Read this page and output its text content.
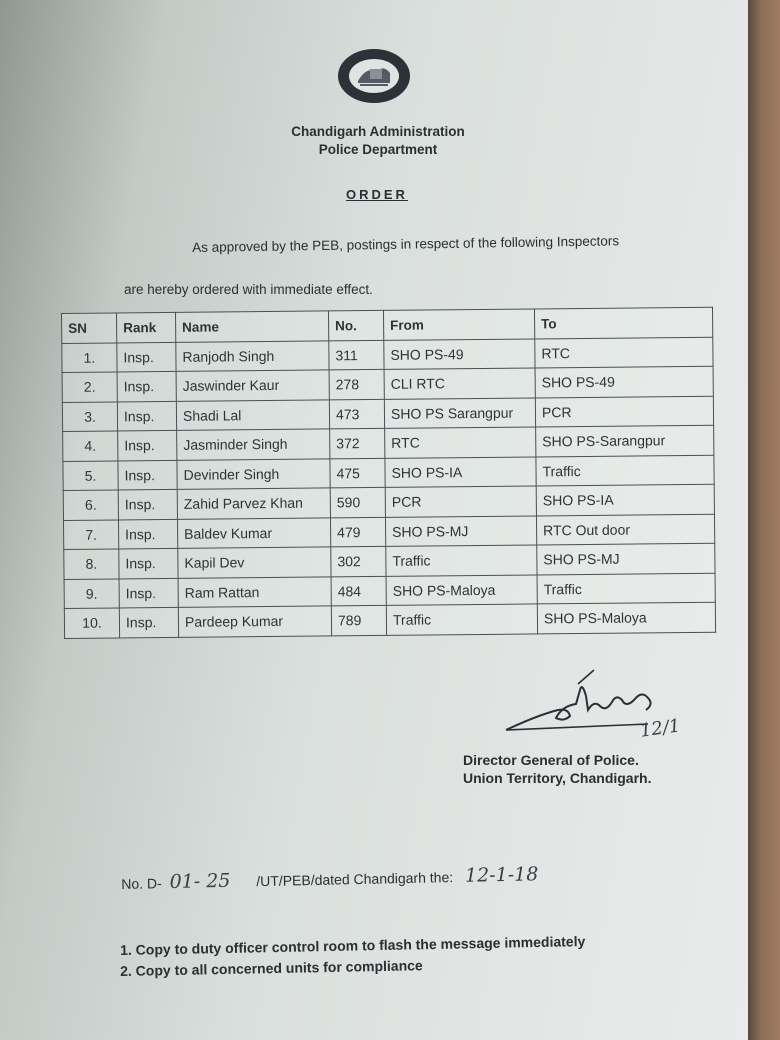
Chandigarh Administration
Police Department
ORDER
As approved by the PEB, postings in respect of the following Inspectors
are hereby ordered with immediate effect.
SN	Rank	Name	No.	From	To
1.	Insp.	Ranjodh Singh	311	SHO PS-49	RTC
2.	Insp.	Jaswinder Kaur	278	CLI RTC	SHO PS-49
3.	Insp.	Shadi Lal	473	SHO PS Sarangpur	PCR
4.	Insp.	Jasminder Singh	372	RTC	SHO PS-Sarangpur
5.	Insp.	Devinder Singh	475	SHO PS-IA	Traffic
6.	Insp.	Zahid Parvez Khan	590	PCR	SHO PS-IA
7.	Insp.	Baldev Kumar	479	SHO PS-MJ	RTC Out door
8.	Insp.	Kapil Dev	302	Traffic	SHO PS-MJ
9.	Insp.	Ram Rattan	484	SHO PS-Maloya	Traffic
10.	Insp.	Pardeep Kumar	789	Traffic	SHO PS-Maloya
12/1
Director General of Police.
Union Territory, Chandigarh.
No. D- 01- 25 /UT/PEB/dated Chandigarh the: 12-1-18
1. Copy to duty officer control room to flash the message immediately
2. Copy to all concerned units for compliance
